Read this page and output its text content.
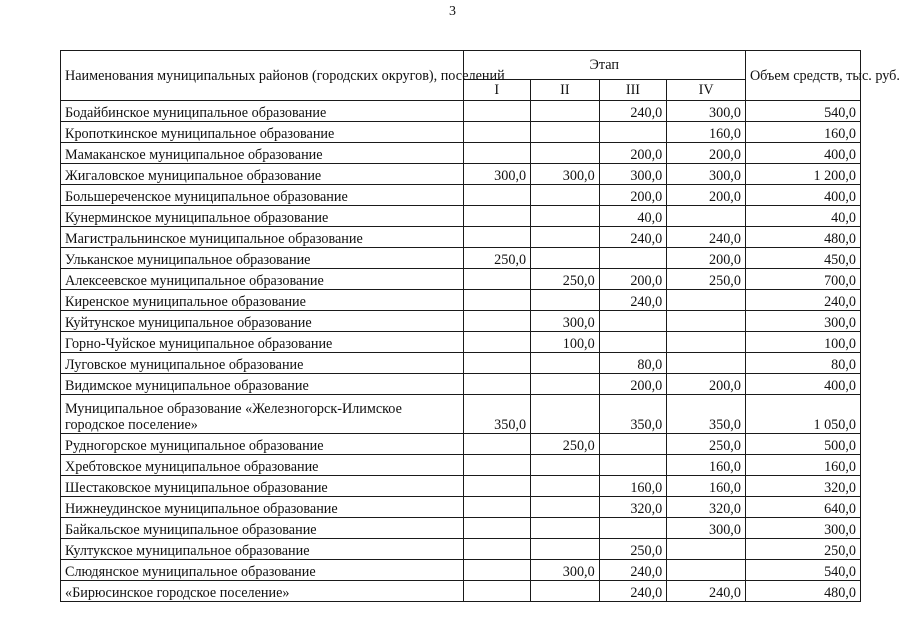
3
Наименования муниципальных районов (городских округов), поселений	Этап				Объем средств, тыс. руб.
	I	II	III	IV	
Бодайбинское муниципальное образование			240,0	300,0	540,0
Кропоткинское муниципальное образование				160,0	160,0
Мамаканское муниципальное образование			200,0	200,0	400,0
Жигаловское муниципальное образование	300,0	300,0	300,0	300,0	1 200,0
Большереченское муниципальное образование			200,0	200,0	400,0
Кунерминское муниципальное образование			40,0		40,0
Магистральнинское муниципальное образование			240,0	240,0	480,0
Ульканское муниципальное образование	250,0			200,0	450,0
Алексеевское муниципальное образование		250,0	200,0	250,0	700,0
Киренское муниципальное образование			240,0		240,0
Куйтунское муниципальное образование		300,0			300,0
Горно-Чуйское муниципальное образование		100,0			100,0
Луговское муниципальное образование			80,0		80,0
Видимское муниципальное образование			200,0	200,0	400,0
Муниципальное образование «Железногорск-Илимское городское поселение»	350,0		350,0	350,0	1 050,0
Рудногорское муниципальное образование		250,0		250,0	500,0
Хребтовское муниципальное образование				160,0	160,0
Шестаковское муниципальное образование			160,0	160,0	320,0
Нижнеудинское муниципальное образование			320,0	320,0	640,0
Байкальское муниципальное образование				300,0	300,0
Култукское муниципальное образование			250,0		250,0
Слюдянское муниципальное образование		300,0	240,0		540,0
«Бирюсинское городское поселение»			240,0	240,0	480,0
